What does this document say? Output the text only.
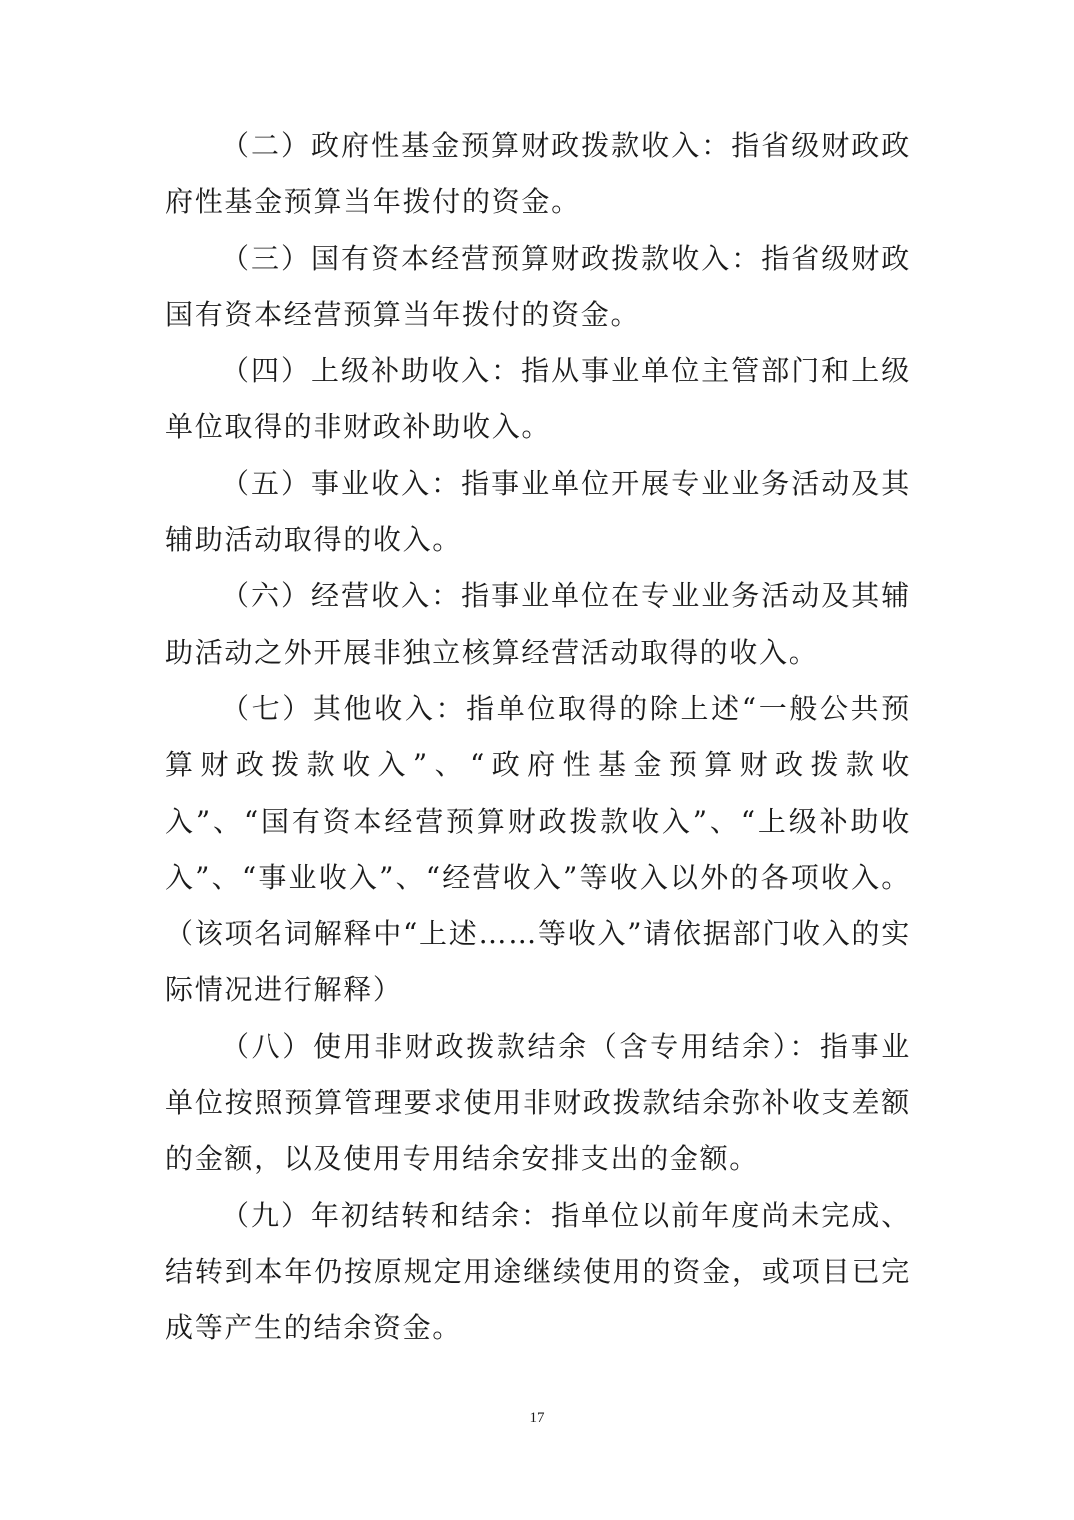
（二）政府性基金预算财政拨款收入：指省级财政政府性基金预算当年拨付的资金。

（三）国有资本经营预算财政拨款收入：指省级财政国有资本经营预算当年拨付的资金。

（四）上级补助收入：指从事业单位主管部门和上级单位取得的非财政补助收入。

（五）事业收入：指事业单位开展专业业务活动及其辅助活动取得的收入。

（六）经营收入：指事业单位在专业业务活动及其辅助活动之外开展非独立核算经营活动取得的收入。

（七）其他收入：指单位取得的除上述“一般公共预算财政拨款收入”、“政府性基金预算财政拨款收入”、“国有资本经营预算财政拨款收入”、“上级补助收入”、“事业收入”、“经营收入”等收入以外的各项收入。（该项名词解释中“上述……等收入”请依据部门收入的实际情况进行解释）

（八）使用非财政拨款结余（含专用结余）：指事业单位按照预算管理要求使用非财政拨款结余弥补收支差额的金额，以及使用专用结余安排支出的金额。

（九）年初结转和结余：指单位以前年度尚未完成、结转到本年仍按原规定用途继续使用的资金，或项目已完成等产生的结余资金。

17
